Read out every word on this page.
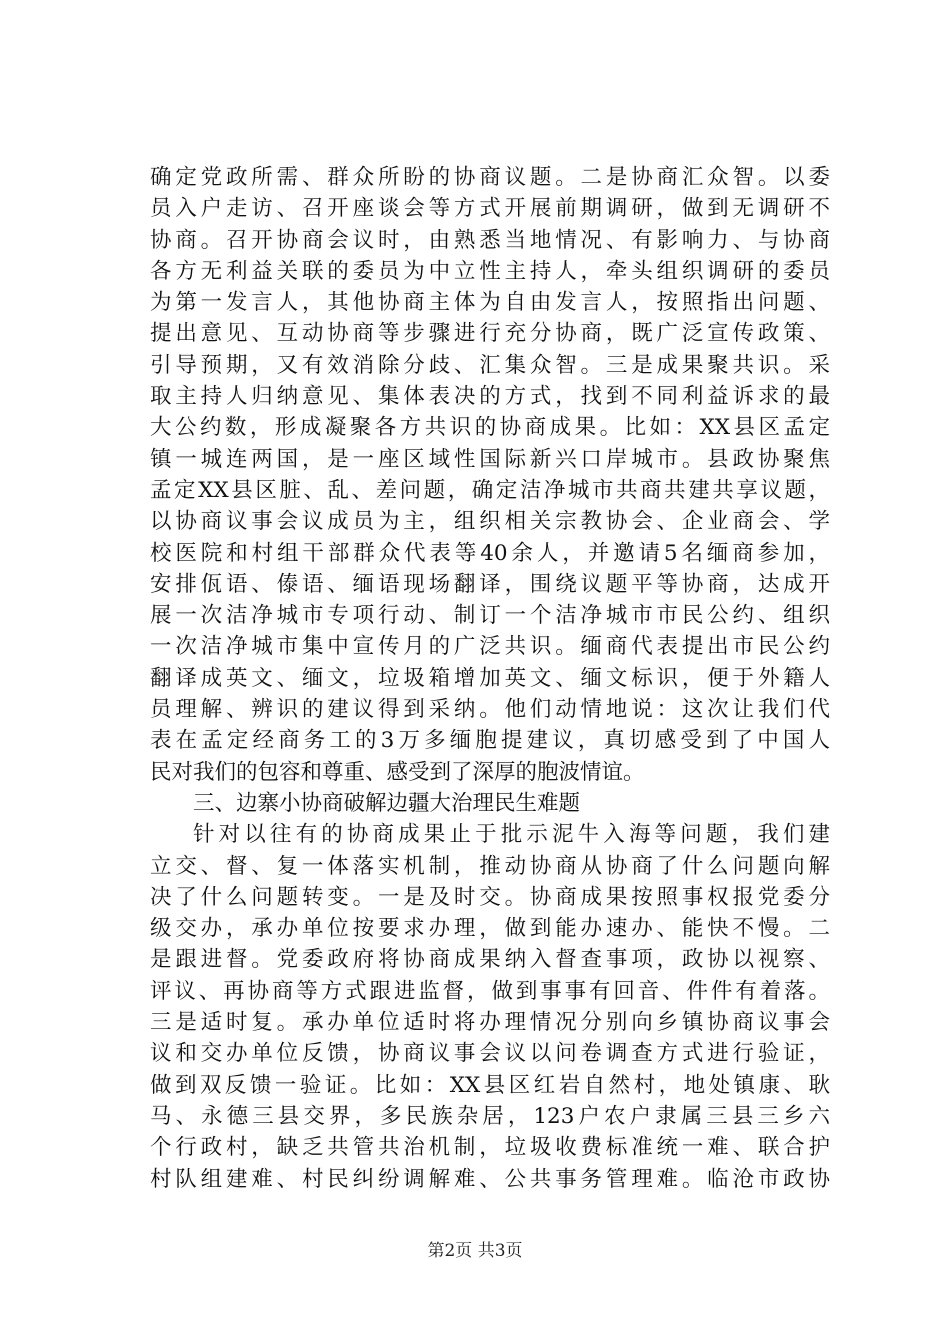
确定党政所需、群众所盼的协商议题。二是协商汇众智。以委
员入户走访、召开座谈会等方式开展前期调研，做到无调研不
协商。召开协商会议时，由熟悉当地情况、有影响力、与协商
各方无利益关联的委员为中立性主持人，牵头组织调研的委员
为第一发言人，其他协商主体为自由发言人，按照指出问题、
提出意见、互动协商等步骤进行充分协商，既广泛宣传政策、
引导预期，又有效消除分歧、汇集众智。三是成果聚共识。采
取主持人归纳意见、集体表决的方式，找到不同利益诉求的最
大公约数，形成凝聚各方共识的协商成果。比如：XX县区孟定
镇一城连两国，是一座区域性国际新兴口岸城市。县政协聚焦
孟定XX县区脏、乱、差问题，确定洁净城市共商共建共享议题，
以协商议事会议成员为主，组织相关宗教协会、企业商会、学
校医院和村组干部群众代表等40余人，并邀请5名缅商参加，
安排佤语、傣语、缅语现场翻译，围绕议题平等协商，达成开
展一次洁净城市专项行动、制订一个洁净城市市民公约、组织
一次洁净城市集中宣传月的广泛共识。缅商代表提出市民公约
翻译成英文、缅文，垃圾箱增加英文、缅文标识，便于外籍人
员理解、辨识的建议得到采纳。他们动情地说：这次让我们代
表在孟定经商务工的3万多缅胞提建议，真切感受到了中国人
民对我们的包容和尊重、感受到了深厚的胞波情谊。
三、边寨小协商破解边疆大治理民生难题
针对以往有的协商成果止于批示泥牛入海等问题，我们建
立交、督、复一体落实机制，推动协商从协商了什么问题向解
决了什么问题转变。一是及时交。协商成果按照事权报党委分
级交办，承办单位按要求办理，做到能办速办、能快不慢。二
是跟进督。党委政府将协商成果纳入督查事项，政协以视察、
评议、再协商等方式跟进监督，做到事事有回音、件件有着落。
三是适时复。承办单位适时将办理情况分别向乡镇协商议事会
议和交办单位反馈，协商议事会议以问卷调查方式进行验证，
做到双反馈一验证。比如：XX县区红岩自然村，地处镇康、耿
马、永德三县交界，多民族杂居，123户农户隶属三县三乡六
个行政村，缺乏共管共治机制，垃圾收费标准统一难、联合护
村队组建难、村民纠纷调解难、公共事务管理难。临沧市政协
第2页 共3页
